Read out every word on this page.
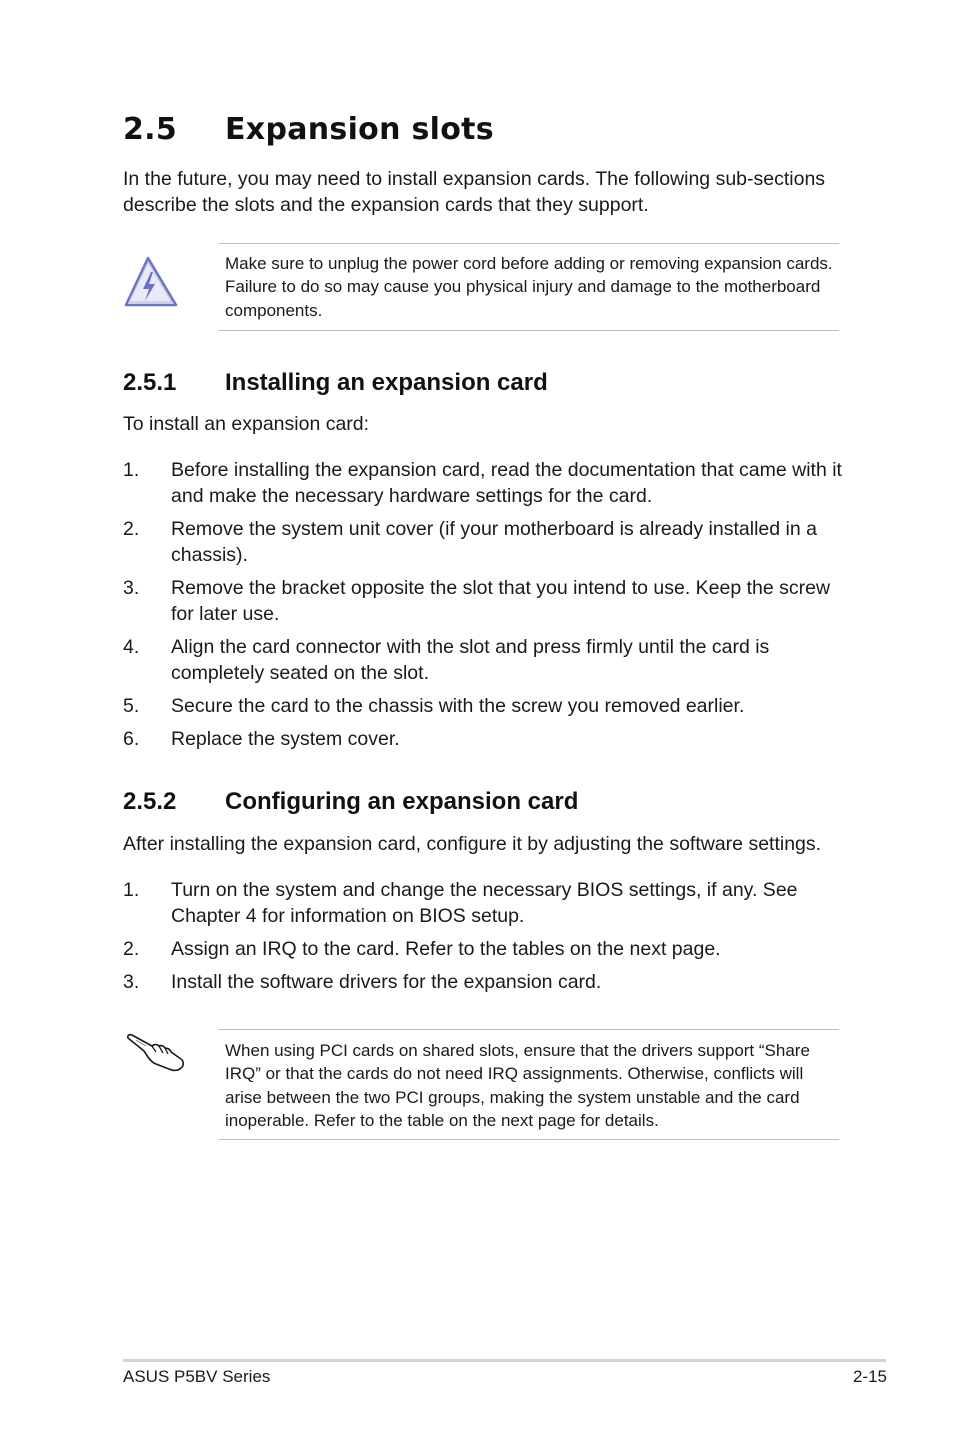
2.5 Expansion slots
In the future, you may need to install expansion cards. The following sub-sections describe the slots and the expansion cards that they support.
Make sure to unplug the power cord before adding or removing expansion cards. Failure to do so may cause you physical injury and damage to the motherboard components.
2.5.1 Installing an expansion card
To install an expansion card:
1. Before installing the expansion card, read the documentation that came with it and make the necessary hardware settings for the card.
2. Remove the system unit cover (if your motherboard is already installed in a chassis).
3. Remove the bracket opposite the slot that you intend to use. Keep the screw for later use.
4. Align the card connector with the slot and press firmly until the card is completely seated on the slot.
5. Secure the card to the chassis with the screw you removed earlier.
6. Replace the system cover.
2.5.2 Configuring an expansion card
After installing the expansion card, configure it by adjusting the software settings.
1. Turn on the system and change the necessary BIOS settings, if any. See Chapter 4 for information on BIOS setup.
2. Assign an IRQ to the card. Refer to the tables on the next page.
3. Install the software drivers for the expansion card.
When using PCI cards on shared slots, ensure that the drivers support “Share IRQ” or that the cards do not need IRQ assignments. Otherwise, conflicts will arise between the two PCI groups, making the system unstable and the card inoperable. Refer to the table on the next page for details.
ASUS P5BV Series	2-15
